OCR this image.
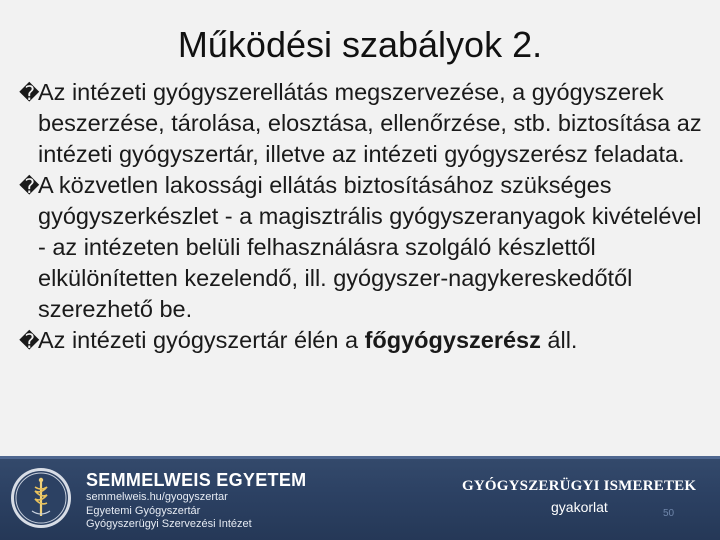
Működési szabályok 2.
�
Az intézeti gyógyszerellátás megszervezése, a gyógyszerek beszerzése, tárolása, elosztása, ellenőrzése, stb. biztosítása az intézeti gyógyszertár, illetve az intézeti gyógyszerész feladata.
�
A közvetlen lakossági ellátás biztosításához szükséges gyógyszerkészlet - a magisztrális gyógyszeranyagok kivételével - az intézeten belüli felhasználásra szolgáló készlettől elkülönítetten kezelendő, ill. gyógyszer-nagykereskedőtől szerezhető be.
�
Az intézeti gyógyszertár élén a főgyógyszerész áll.
SEMMELWEIS EGYETEM
semmelweis.hu/gyogyszertar
Egyetemi Gyógyszertár
Gyógyszerügyi Szervezési Intézet
GYÓGYSZERÜGYI ISMERETEK
gyakorlat	50
